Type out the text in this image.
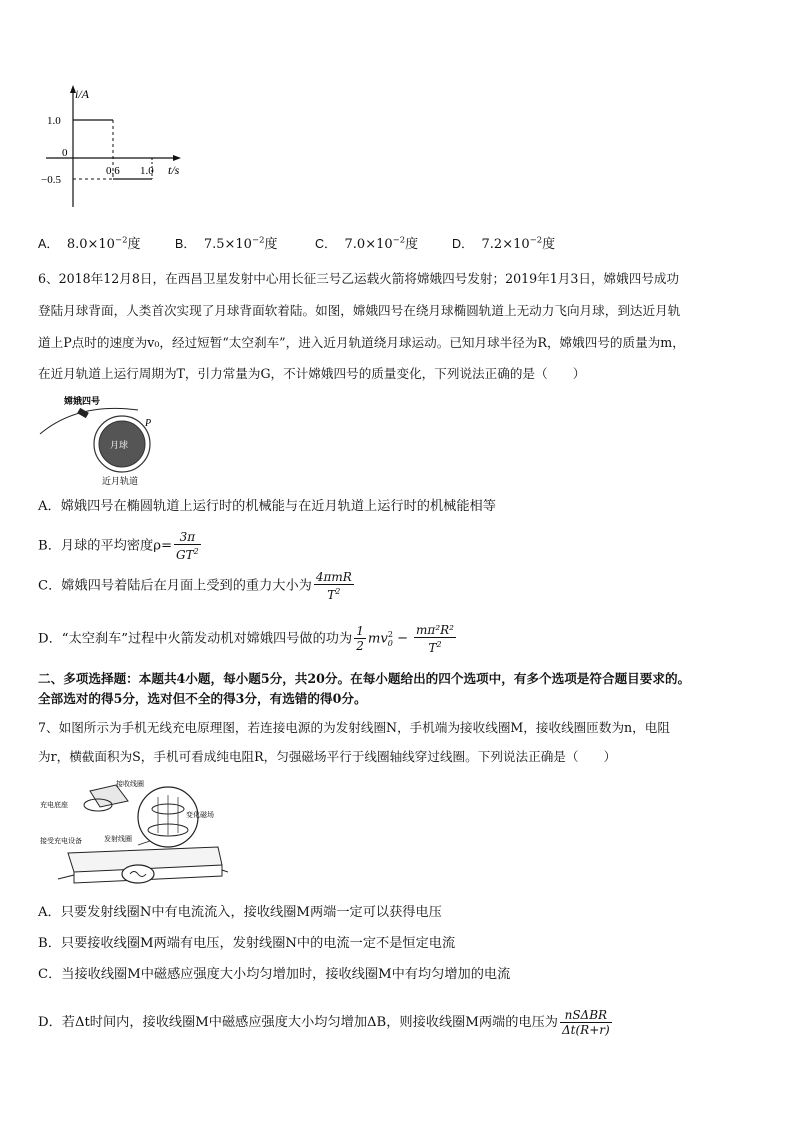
i/A
t/s
1.0
0
−0.5
0.6 1.0
A． $8.0\times 10^{-2}$度	B． $7.5\times 10^{-2}$度	C． $7.0\times 10^{-2}$度	D． $7.2\times 10^{-2}$度
6、2018年12月8日，在西昌卫星发射中心用长征三号乙运载火箭将嫦娥四号发射；2019年1月3日，嫦娥四号成功
登陆月球背面，人类首次实现了月球背面软着陆。如图，嫦娥四号在绕月球椭圆轨道上无动力飞向月球，到达近月轨
道上P点时的速度为v₀，经过短暂“太空刹车”，进入近月轨道绕月球运动。已知月球半径为R，嫦娥四号的质量为m，
在近月轨道上运行周期为T，引力常量为G，不计嫦娥四号的质量变化，下列说法正确的是（　　）
嫦娥四号
月球
近月轨道
P
A．嫦娥四号在椭圆轨道上运行时的机械能与在近月轨道上运行时的机械能相等
B．月球的平均密度$\rho= \frac{3\pi}{GT^2}$
C．嫦娥四号着陆后在月面上受到的重力大小为 $\frac{\text{4πmR}}{T^2}$
D．“太空刹车”过程中火箭发动机对嫦娥四号做的功为 $\frac{1}{2} mv_0^2 - \frac{\text{mπ²R²}}{T^2}$
二、多项选择题：本题共4小题，每小题5分，共20分。在每小题给出的四个选项中，有多个选项是符合题目要求的。
全部选对的得5分，选对但不全的得3分，有选错的得0分。
7、如图所示为手机无线充电原理图，若连接电源的为发射线圈N，手机端为接收线圈M，接收线圈匝数为n，电阻
为r，横截面积为S，手机可看成纯电阻R，匀强磁场平行于线圈轴线穿过线圈。下列说法正确是（　　）
接收线圈
充电底座
变化磁场
接受充电设备	发射线圈
A．只要发射线圈N中有电流流入，接收线圈M两端一定可以获得电压
B．只要接收线圈M两端有电压，发射线圈N中的电流一定不是恒定电流
C．当接收线圈M中磁感应强度大小均匀增加时，接收线圈M中有均匀增加的电流
D．若Δt时间内，接收线圈M中磁感应强度大小均匀增加ΔB，则接收线圈M两端的电压为 $\frac{\text{nSΔBR}}{\Delta t(R+r)}$
